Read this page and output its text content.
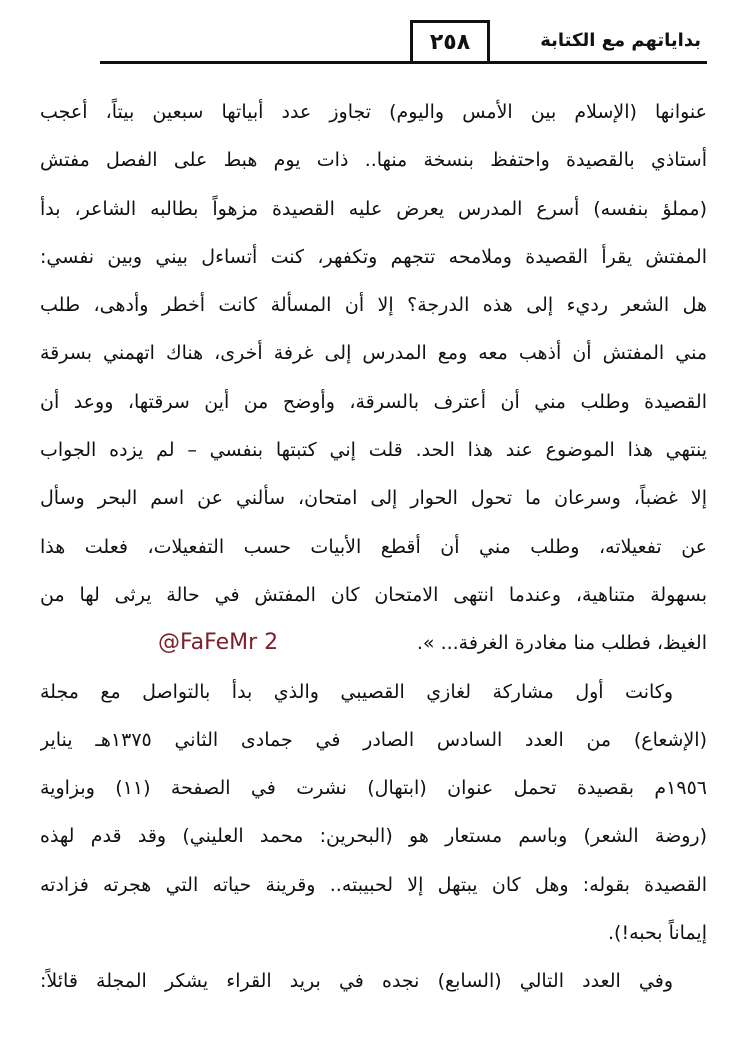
بداياتهم مع الكتابة
٢٥٨
عنوانها (الإسلام بين الأمس واليوم) تجاوز عدد أبياتها سبعين بيتاً، أعجب
أستاذي بالقصيدة واحتفظ بنسخة منها.. ذات يوم هبط على الفصل مفتش
(مملؤ بنفسه) أسرع المدرس يعرض عليه القصيدة مزهواً بطالبه الشاعر، بدأ
المفتش يقرأ القصيدة وملامحه تتجهم وتكفهر، كنت أتساءل بيني وبين نفسي:
هل الشعر رديء إلى هذه الدرجة؟ إلا أن المسألة كانت أخطر وأدهى، طلب
مني المفتش أن أذهب معه ومع المدرس إلى غرفة أخرى، هناك اتهمني بسرقة
القصيدة وطلب مني أن أعترف بالسرقة، وأوضح من أين سرقتها، ووعد أن
ينتهي هذا الموضوع عند هذا الحد. قلت إني كتبتها بنفسي – لم يزده الجواب
إلا غضباً، وسرعان ما تحول الحوار إلى امتحان، سألني عن اسم البحر وسأل
عن تفعيلاته، وطلب مني أن أقطع الأبيات حسب التفعيلات، فعلت هذا
بسهولة متناهية، وعندما انتهى الامتحان كان المفتش في حالة يرثى لها من
الغيظ، فطلب منا مغادرة الغرفة... ».
@FaFeMr 2
وكانت أول مشاركة لغازي القصيبي والذي بدأ بالتواصل مع مجلة
(الإشعاع) من العدد السادس الصادر في جمادى الثاني ١٣٧٥هـ يناير
١٩٥٦م بقصيدة تحمل عنوان (ابتهال) نشرت في الصفحة (١١) وبزاوية
(روضة الشعر) وباسم مستعار هو (البحرين: محمد العليني) وقد قدم لهذه
القصيدة بقوله: وهل كان يبتهل إلا لحبيبته.. وقرينة حياته التي هجرته فزادته
إيماناً بحبه!).
وفي العدد التالي (السابع) نجده في بريد القراء يشكر المجلة قائلاً:
